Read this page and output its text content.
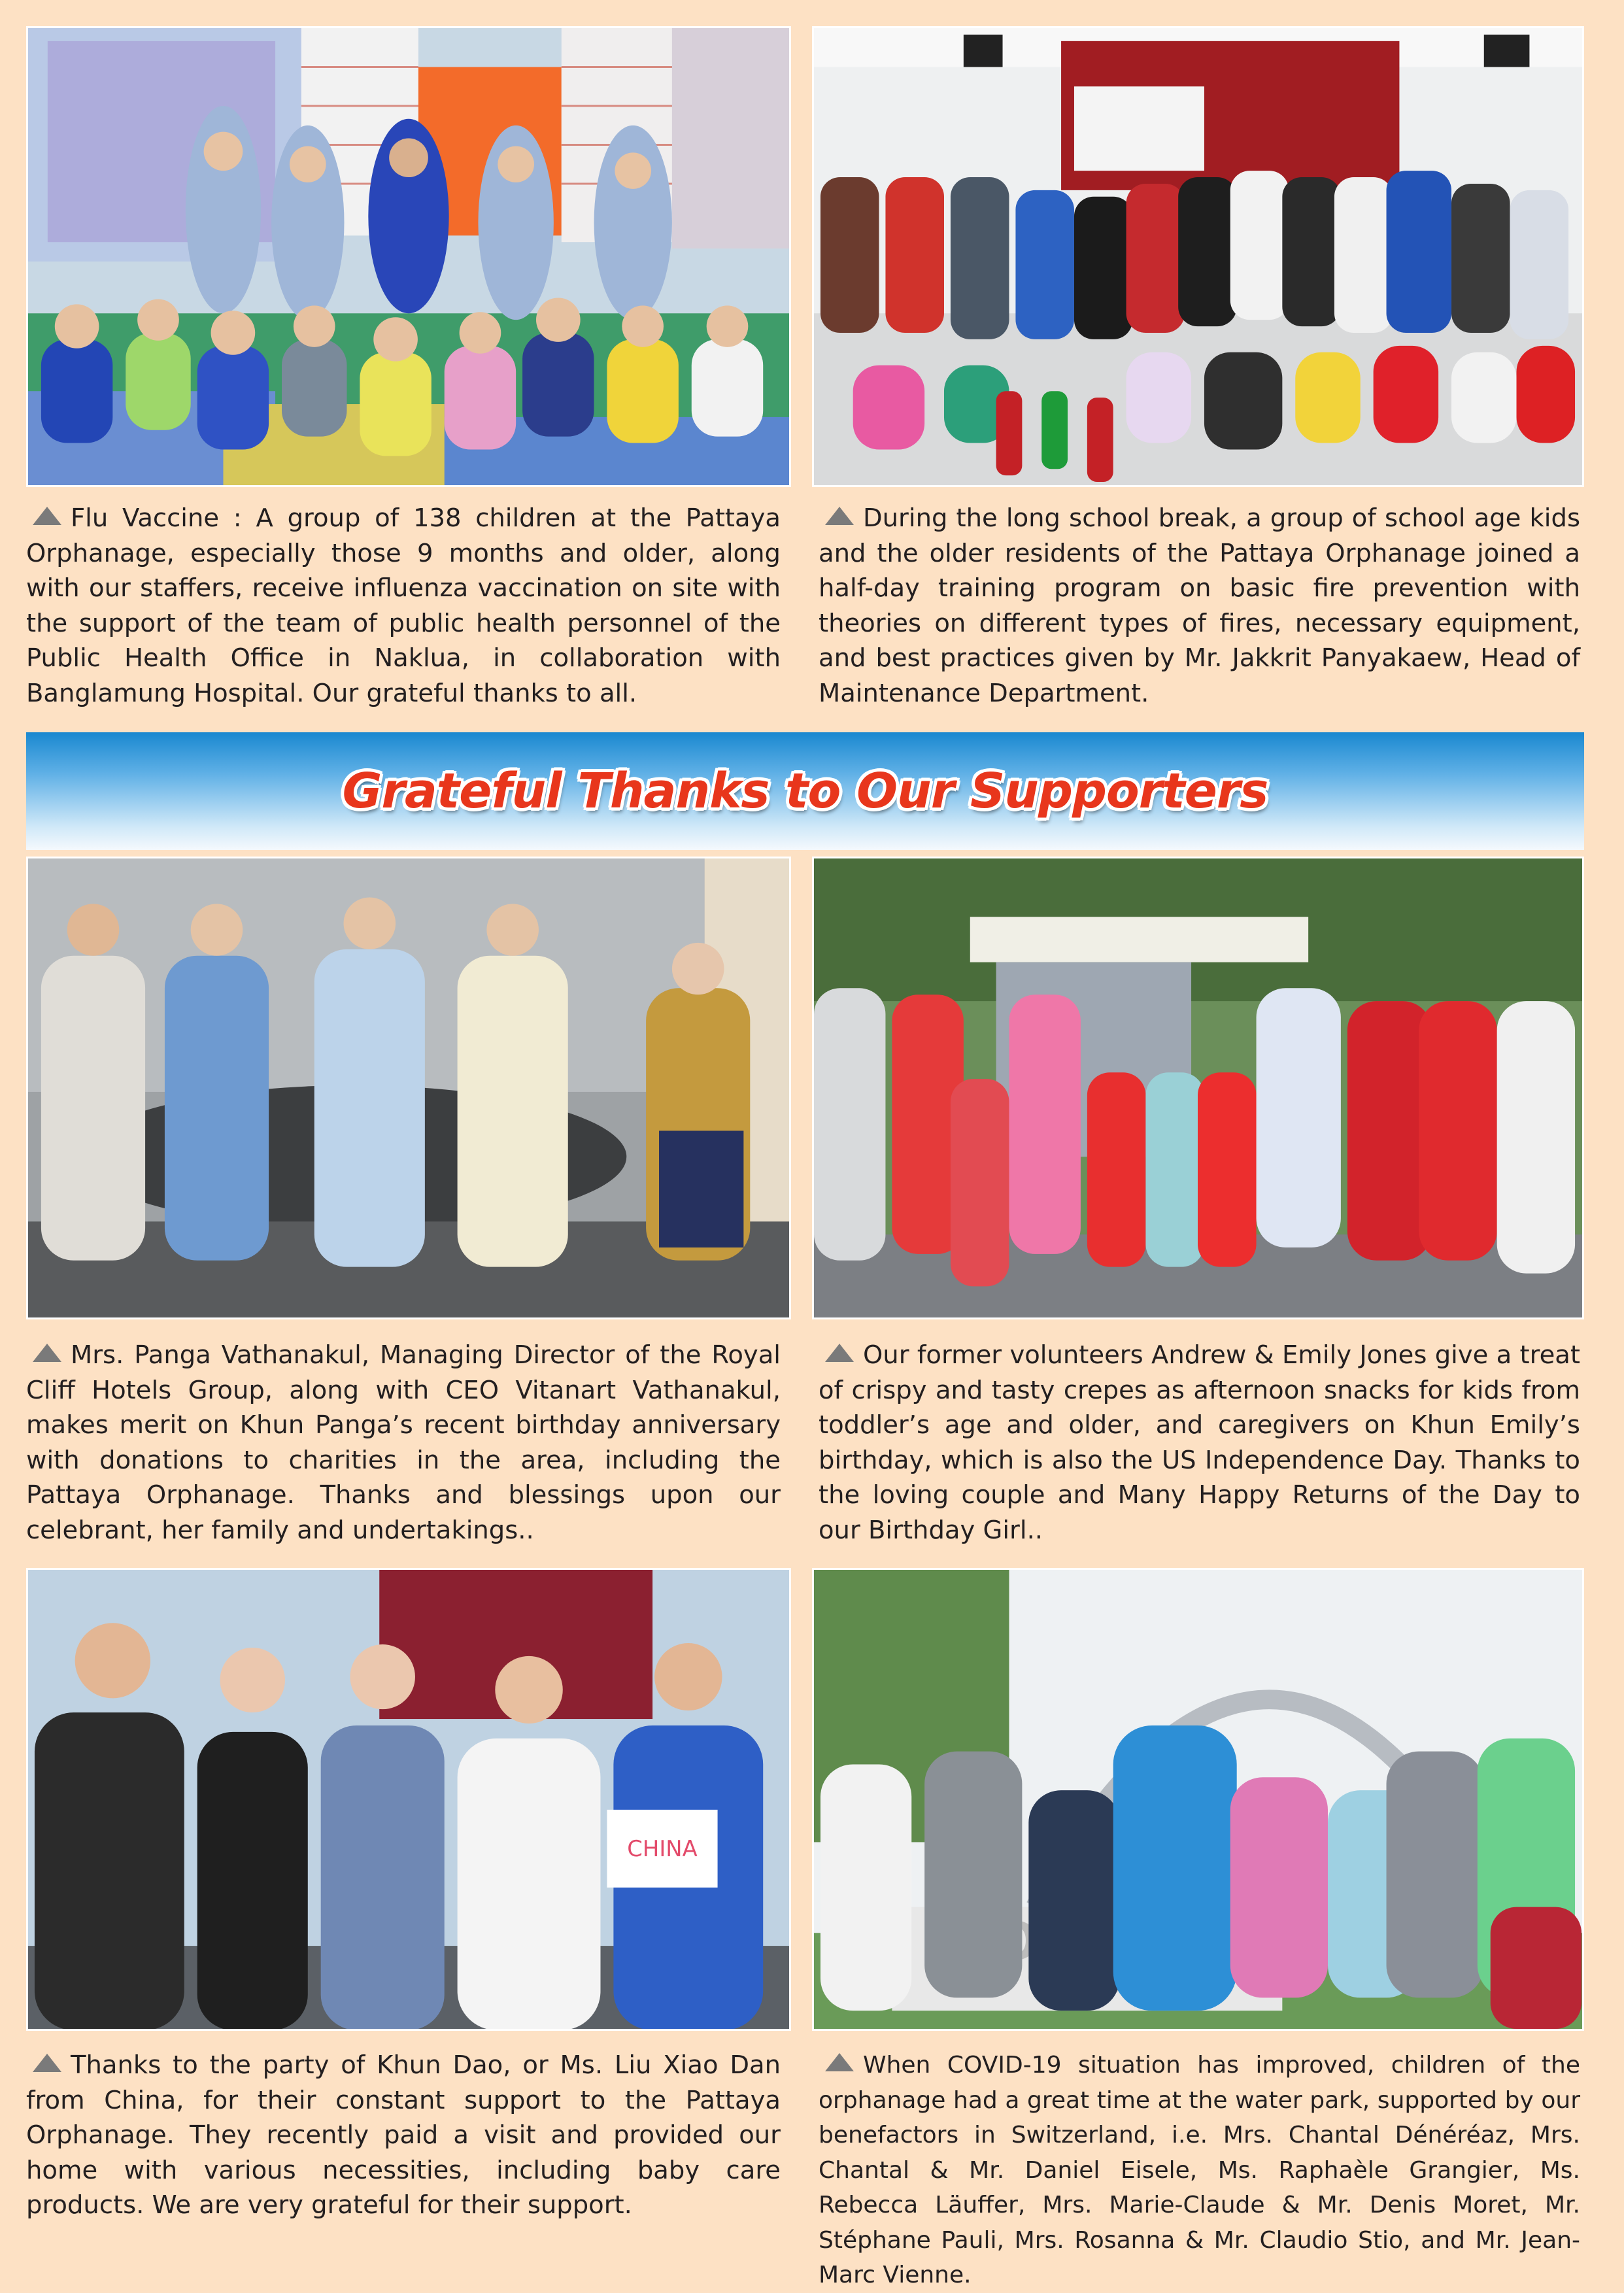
Flu Vaccine : A group of 138 children at the Pattaya Orphanage, especially those 9 months and older, along with our staffers, receive influenza vaccination on site with the support of the team of public health personnel of the Public Health Office in Naklua, in collaboration with Banglamung Hospital. Our grateful thanks to all.

During the long school break, a group of school age kids and the older residents of the Pattaya Orphanage joined a half-day training program on basic fire prevention with theories on different types of fires, necessary equipment, and best practices given by Mr. Jakkrit Panyakaew, Head of Maintenance Department.

Grateful Thanks to Our Supporters

Mrs. Panga Vathanakul, Managing Director of the Royal Cliff Hotels Group, along with CEO Vitanart Vathanakul, makes merit on Khun Panga’s recent birthday anniversary with donations to charities in the area, including the Pattaya Orphanage. Thanks and blessings upon our celebrant, her family and undertakings..

Our former volunteers Andrew & Emily Jones give a treat of crispy and tasty crepes as afternoon snacks for kids from toddler’s age and older, and caregivers on Khun Emily’s birthday, which is also the US Independence Day. Thanks to the loving couple and Many Happy Returns of the Day to our Birthday Girl..

CHINA

Thanks to the party of Khun Dao, or Ms. Liu Xiao Dan from China, for their constant support to the Pattaya Orphanage. They recently paid a visit and provided our home with various necessities, including baby care products. We are very grateful for their support.

When COVID-19 situation has improved, children of the orphanage had a great time at the water park, supported by our benefactors in Switzerland, i.e. Mrs. Chantal Dénéréaz, Mrs. Chantal & Mr. Daniel Eisele, Ms. Raphaèle Grangier, Ms. Rebecca Läuffer, Mrs. Marie-Claude & Mr. Denis Moret, Mr. Stéphane Pauli, Mrs. Rosanna & Mr. Claudio Stio, and Mr. Jean-Marc Vienne.
